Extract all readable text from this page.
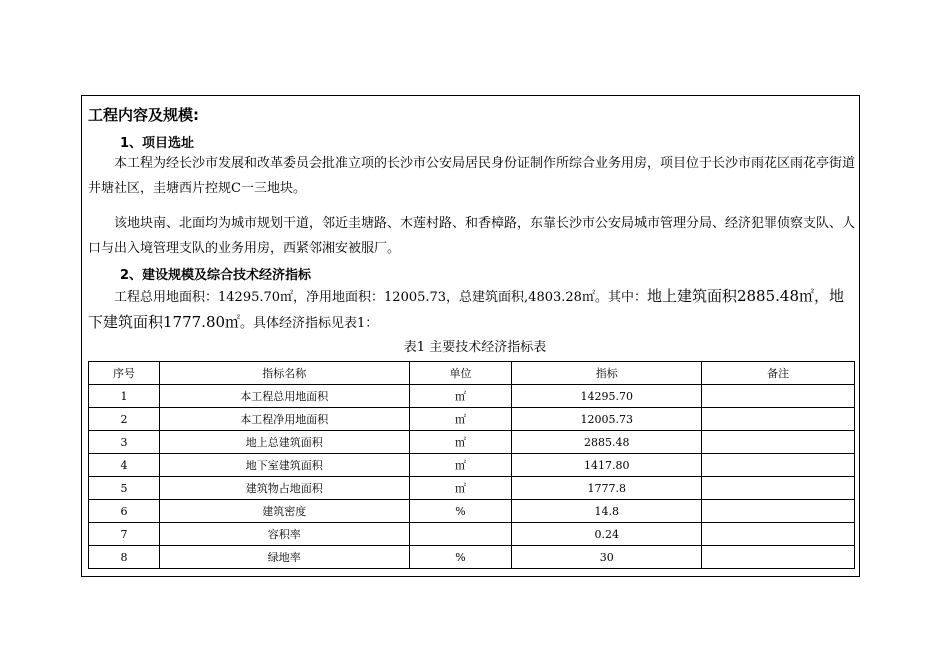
工程内容及规模:
1、项目选址
本工程为经长沙市发展和改革委员会批准立项的长沙市公安局居民身份证制作所综合业务用房，项目位于长沙市雨花区雨花亭街道井塘社区，圭塘西片控规C一三地块。
该地块南、北面均为城市规划干道，邻近圭塘路、木莲村路、和香樟路，东靠长沙市公安局城市管理分局、经济犯罪侦察支队、人口与出入境管理支队的业务用房，西紧邻湘安被服厂。
2、建设规模及综合技术经济指标
工程总用地面积：14295.70㎡，净用地面积：12005.73，总建筑面积,4803.28㎡。其中：地上建筑面积2885.48㎡，地下建筑面积1777.80㎡。具体经济指标见表1：
表1 主要技术经济指标表
序号	指标名称	单位	指标	备注
1	本工程总用地面积	㎡	14295.70	
2	本工程净用地面积	㎡	12005.73	
3	地上总建筑面积	㎡	2885.48	
4	地下室建筑面积	㎡	1417.80	
5	建筑物占地面积	㎡	1777.8	
6	建筑密度	%	14.8	
7	容积率		0.24	
8	绿地率	%	30	
